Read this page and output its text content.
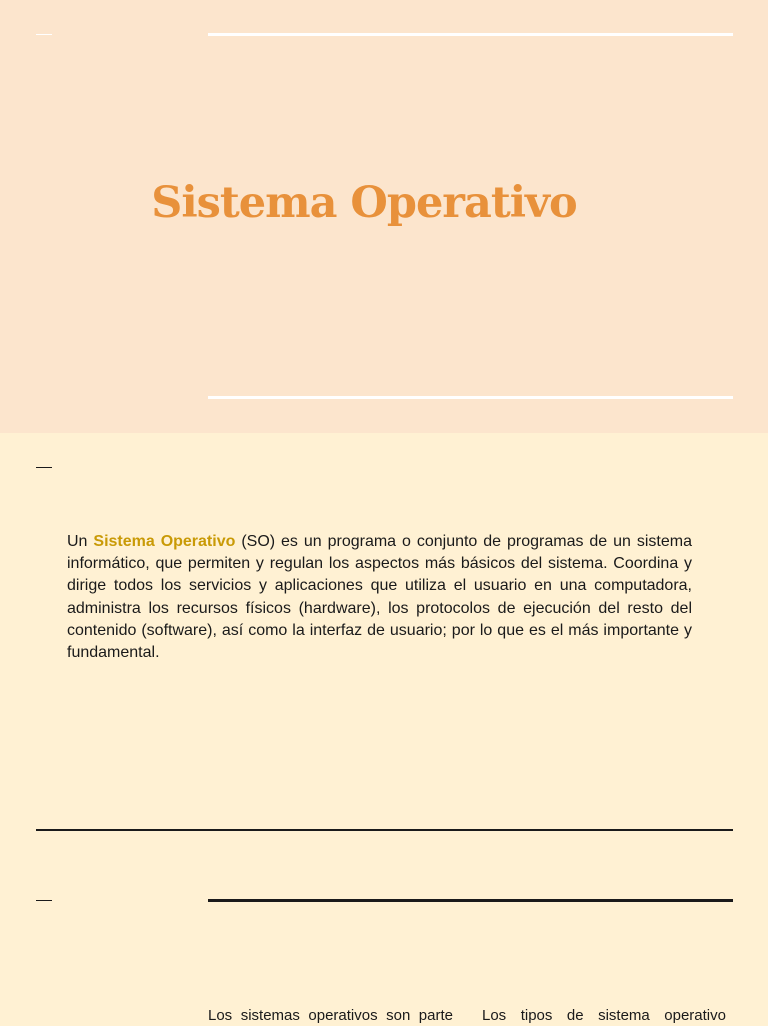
Sistema Operativo

Un Sistema Operativo (SO) es un programa o conjunto de programas de un sistema informático, que permiten y regulan los aspectos más básicos del sistema. Coordina y dirige todos los servicios y aplicaciones que utiliza el usuario en una computadora, administra los recursos físicos (hardware), los protocolos de ejecución del resto del contenido (software), así como la interfaz de usuario; por lo que es el más importante y fundamental.

Los sistemas operativos son parte Los tipos de sistema operativo
